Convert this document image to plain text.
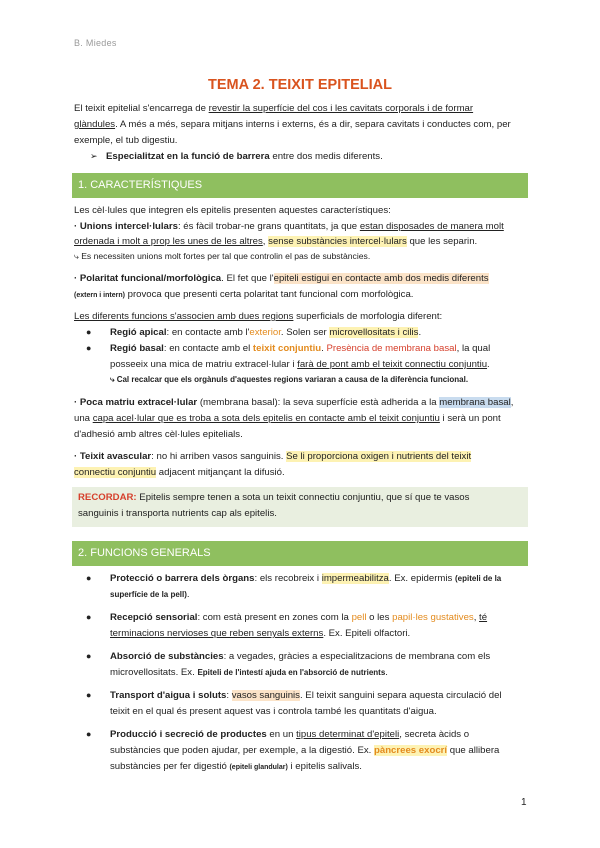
B. Miedes
TEMA 2. TEIXIT EPITELIAL
El teixit epitelial s'encarrega de revestir la superfície del cos i les cavitats corporals i de formar
glàndules. A més a més, separa mitjans interns i externs, és a dir, separa cavitats i conductes com, per
exemple, el tub digestiu.
➢ Especialitzat en la funció de barrera entre dos medis diferents.
1. CARACTERÍSTIQUES
Les cèl·lules que integren els epitelis presenten aquestes característiques:
· Unions intercel·lulars: és fàcil trobar-ne grans quantitats, ja que estan disposades de manera molt
ordenada i molt a prop les unes de les altres, sense substàncies intercel·lulars que les separin.
⤷ Es necessiten unions molt fortes per tal que controlin el pas de substàncies.
· Polaritat funcional/morfològica. El fet que l'epiteli estigui en contacte amb dos medis diferents
(extern i intern) provoca que presenti certa polaritat tant funcional com morfològica.
Les diferents funcions s'associen amb dues regions superficials de morfologia diferent:
● Regió apical: en contacte amb l'exterior. Solen ser microvellositats i cilis.
● Regió basal: en contacte amb el teixit conjuntiu. Presència de membrana basal, la qual
posseeix una mica de matriu extracel·lular i farà de pont amb el teixit connectiu conjuntiu.
⤷ Cal recalcar que els orgànuls d'aquestes regions variaran a causa de la diferència funcional.
· Poca matriu extracel·lular (membrana basal): la seva superfície està adherida a la membrana basal,
una capa acel·lular que es troba a sota dels epitelis en contacte amb el teixit conjuntiu i serà un pont
d'adhesió amb altres cèl·lules epitelials.
· Teixit avascular: no hi arriben vasos sanguinis. Se li proporciona oxigen i nutrients del teixit
connectiu conjuntiu adjacent mitjançant la difusió.
RECORDAR: Epitelis sempre tenen a sota un teixit connectiu conjuntiu, que sí que te vasos
sanguinis i transporta nutrients cap als epitelis.
2. FUNCIONS GENERALS
● Protecció o barrera dels òrgans: els recobreix i impermeabilitza. Ex. epidermis (epiteli de la
superfície de la pell).
● Recepció sensorial: com està present en zones com la pell o les papil·les gustatives, té
terminacions nervioses que reben senyals externs. Ex. Epiteli olfactori.
● Absorció de substàncies: a vegades, gràcies a especialitzacions de membrana com els
microvellositats. Ex. Epiteli de l'intestí ajuda en l'absorció de nutrients.
● Transport d'aigua i soluts: vasos sanguinis. El teixit sanguini separa aquesta circulació del
teixit en el qual és present aquest vas i controla també les quantitats d'aigua.
● Producció i secreció de productes en un tipus determinat d'epiteli, secreta àcids o
substàncies que poden ajudar, per exemple, a la digestió. Ex. pàncrees exocrí que allibera
substàncies per fer digestió (epiteli glandular) i epitelis salivals.
1
